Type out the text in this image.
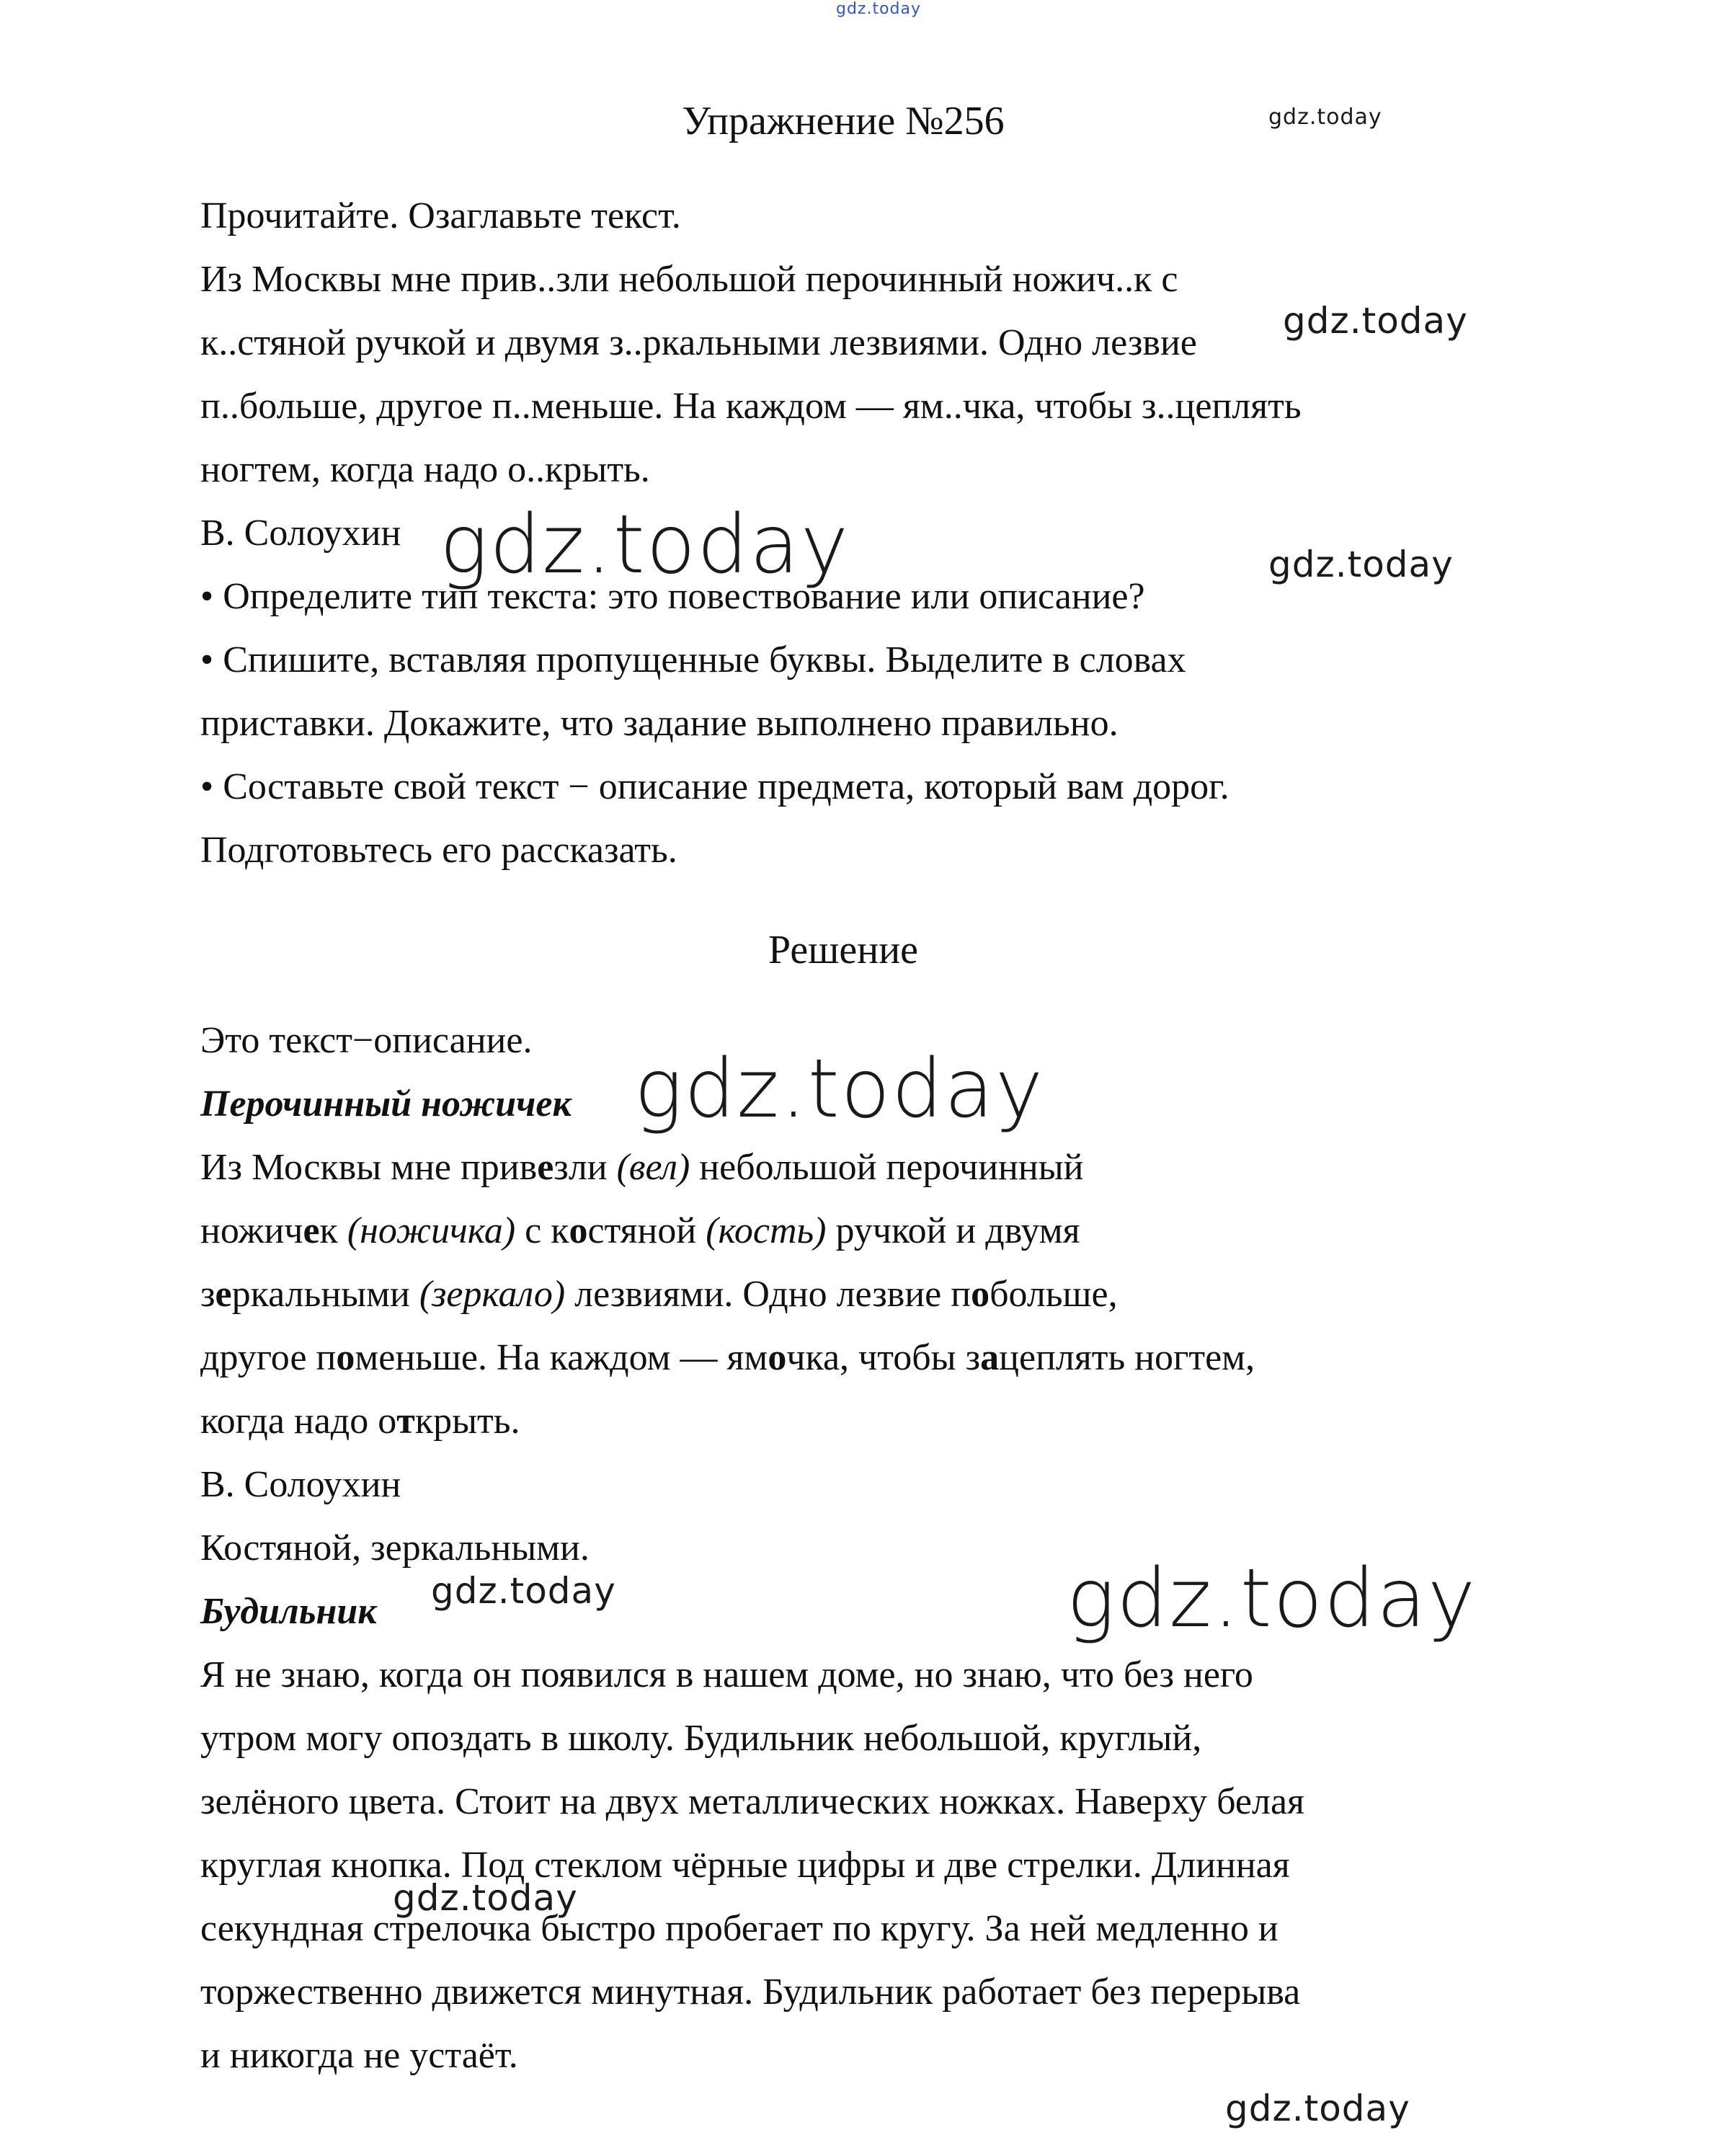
gdz.today
gdz.today
gdz.today
gdz.today	gdz.today
gdz.today
gdz.today	gdz.today
gdz.today
Упражнение №256
Прочитайте. Озаглавьте текст.
Из Москвы мне прив..зли небольшой перочинный ножич..к с
к..стяной ручкой и двумя з..ркальными лезвиями. Одно лезвие
п..больше, другое п..меньше. На каждом — ям..чка, чтобы з..цеплять
ногтем, когда надо о..крыть.
В. Солоухин
• Определите тип текста: это повествование или описание?
• Спишите, вставляя пропущенные буквы. Выделите в словах
приставки. Докажите, что задание выполнено правильно.
• Составьте свой текст − описание предмета, который вам дорог.
Подготовьтесь его рассказать.
Решение
Это текст−описание.
Перочинный ножичек
Из Москвы мне привезли (вел) небольшой перочинный
ножичек (ножичка) с костяной (кость) ручкой и двумя
зеркальными (зеркало) лезвиями. Одно лезвие побольше,
другое поменьше. На каждом — ямочка, чтобы зацеплять ногтем,
когда надо открыть.
В. Солоухин
Костяной, зеркальными.
Будильник
Я не знаю, когда он появился в нашем доме, но знаю, что без него
утром могу опоздать в школу. Будильник небольшой, круглый,
зелёного цвета. Стоит на двух металлических ножках. Наверху белая
круглая кнопка. Под стеклом чёрные цифры и две стрелки. Длинная
секундная стрелочка быстро пробегает по кругу. За ней медленно и
торжественно движется минутная. Будильник работает без перерыва
и никогда не устаёт.
gdz.today
